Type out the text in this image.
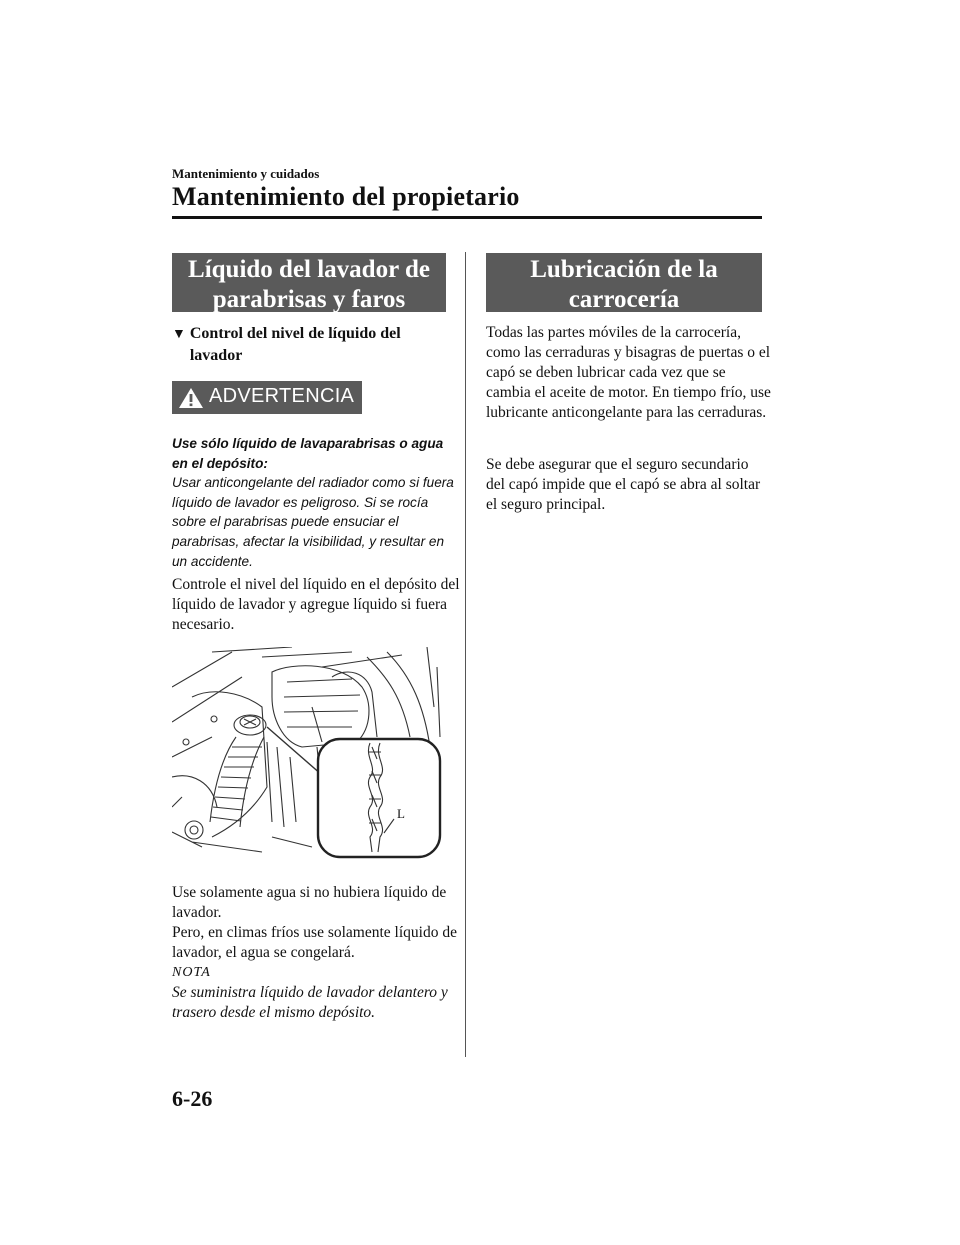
Mantenimiento y cuidados
Mantenimiento del propietario
Líquido del lavador de
parabrisas y faros
▼ Control del nivel de líquido del lavador
ADVERTENCIA
Use sólo líquido de lavaparabrisas o agua en el depósito:
Usar anticongelante del radiador como si fuera líquido de lavador es peligroso. Si se rocía sobre el parabrisas puede ensuciar el parabrisas, afectar la visibilidad, y resultar en un accidente.
Controle el nivel del líquido en el depósito del líquido de lavador y agregue líquido si fuera necesario.
L
Use solamente agua si no hubiera líquido de lavador.
Pero, en climas fríos use solamente líquido de lavador, el agua se congelará.
NOTA
Se suministra líquido de lavador delantero y trasero desde el mismo depósito.
Lubricación de la
carrocería
Todas las partes móviles de la carrocería, como las cerraduras y bisagras de puertas o el capó se deben lubricar cada vez que se cambia el aceite de motor. En tiempo frío, use lubricante anticongelante para las cerraduras.
Se debe asegurar que el seguro secundario del capó impide que el capó se abra al soltar el seguro principal.
6-26
